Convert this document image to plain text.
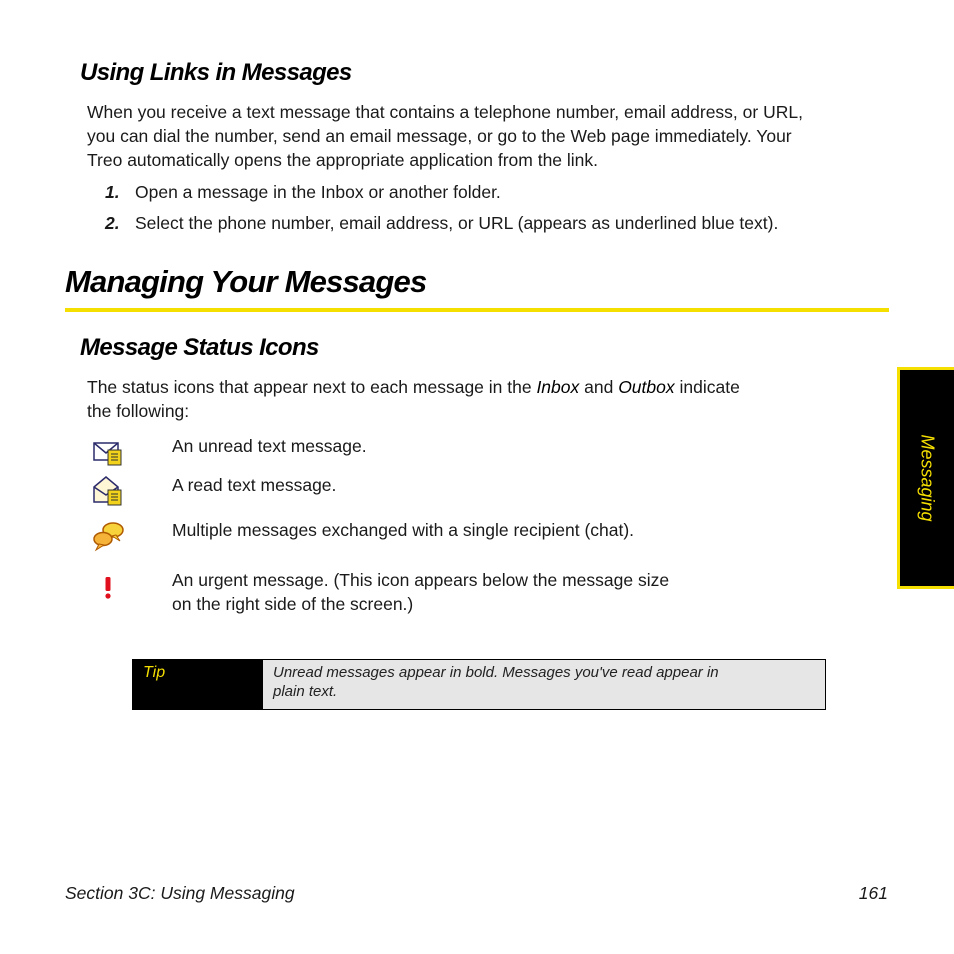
Using Links in Messages
When you receive a text message that contains a telephone number, email address, or URL,
you can dial the number, send an email message, or go to the Web page immediately. Your
Treo automatically opens the appropriate application from the link.
1. Open a message in the Inbox or another folder.
2. Select the phone number, email address, or URL (appears as underlined blue text).
Managing Your Messages
Message Status Icons
The status icons that appear next to each message in the Inbox and Outbox indicate
the following:
An unread text message.
A read text message.
Multiple messages exchanged with a single recipient (chat).
An urgent message. (This icon appears below the message size
on the right side of the screen.)
Tip	Unread messages appear in bold. Messages you've read appear in
plain text.
Messaging
Section 3C: Using Messaging	161
